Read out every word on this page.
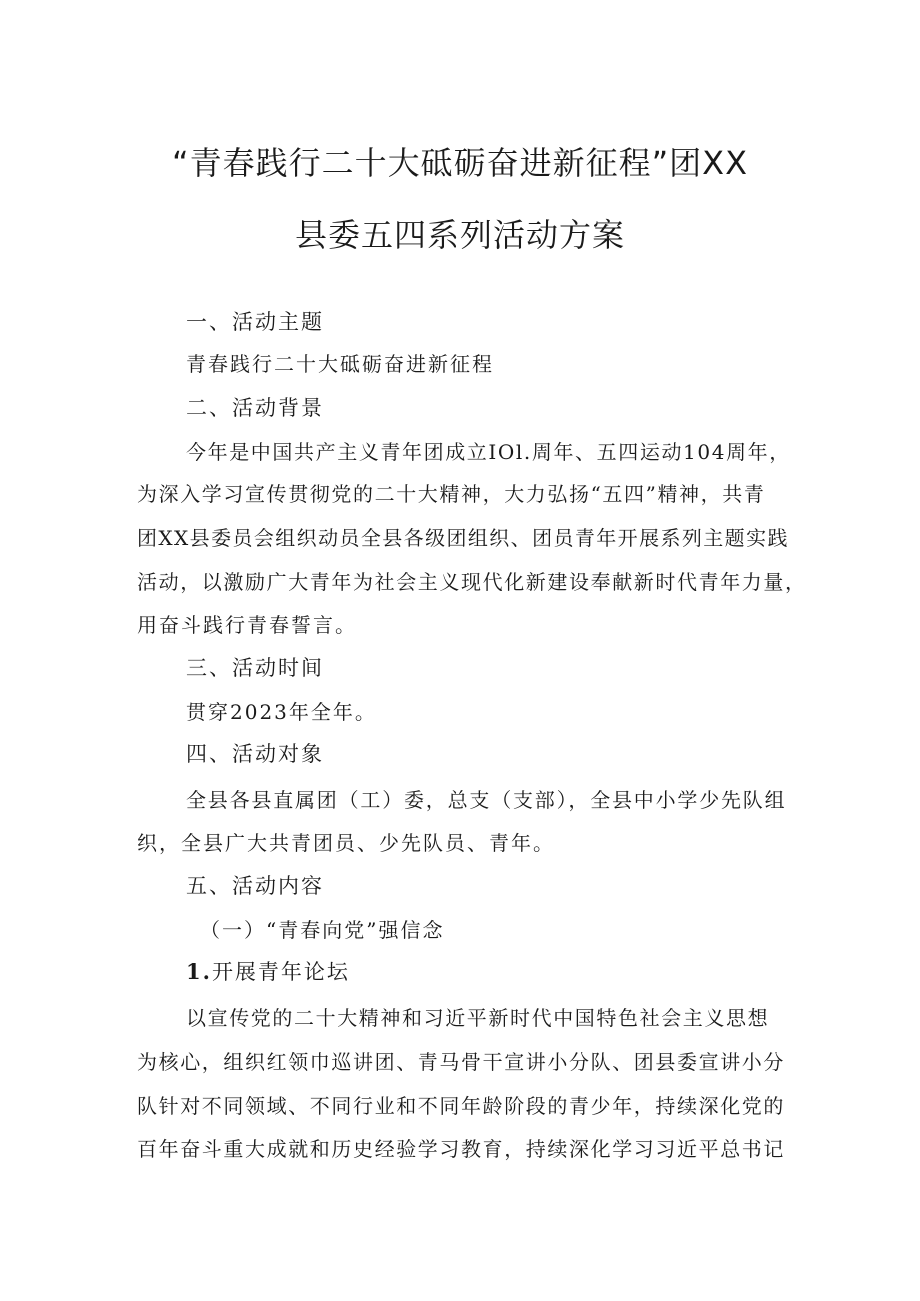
“青春践行二十大砥砺奋进新征程”团XX
县委五四系列活动方案
一、活动主题
青春践行二十大砥砺奋进新征程
二、活动背景
今年是中国共产主义青年团成立IOl.周年、五四运动104周年，
为深入学习宣传贯彻党的二十大精神，大力弘扬“五四”精神，共青
团XX县委员会组织动员全县各级团组织、团员青年开展系列主题实践
活动，以激励广大青年为社会主义现代化新建设奉献新时代青年力量，
用奋斗践行青春誓言。
三、活动时间
贯穿2023年全年。
四、活动对象
全县各县直属团（工）委，总支（支部），全县中小学少先队组
织，全县广大共青团员、少先队员、青年。
五、活动内容
（一）“青春向党”强信念
1.开展青年论坛
以宣传党的二十大精神和习近平新时代中国特色社会主义思想
为核心，组织红领巾巡讲团、青马骨干宣讲小分队、团县委宣讲小分
队针对不同领域、不同行业和不同年龄阶段的青少年，持续深化党的
百年奋斗重大成就和历史经验学习教育，持续深化学习习近平总书记
